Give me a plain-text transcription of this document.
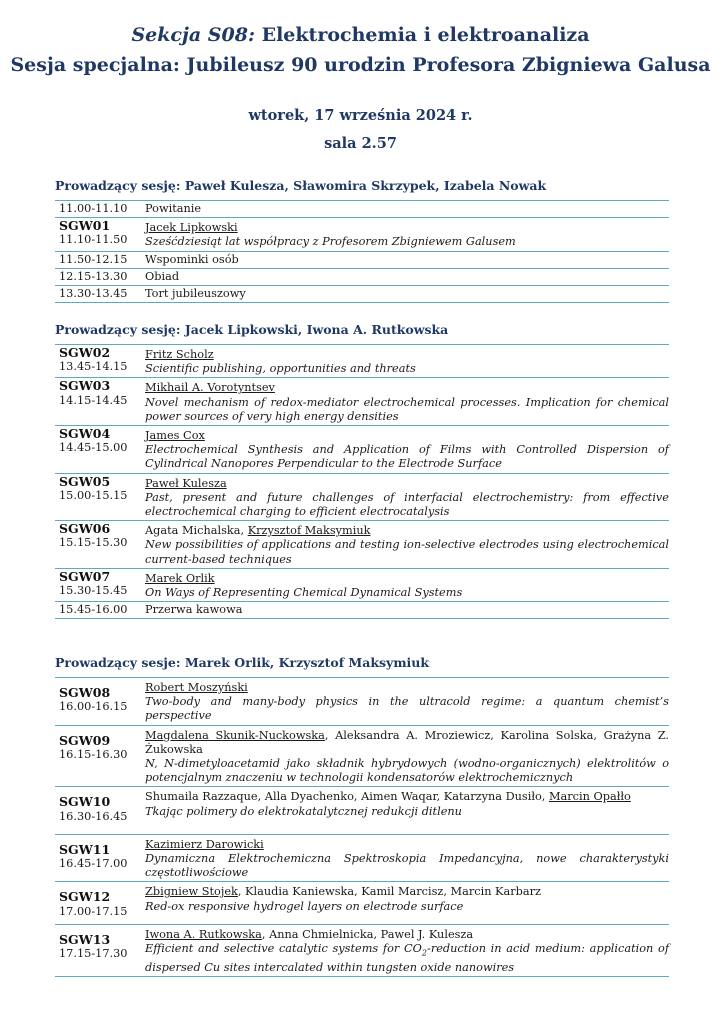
Sekcja S08: Elektrochemia i elektroanaliza
Sesja specjalna: Jubileusz 90 urodzin Profesora Zbigniewa Galusa
wtorek, 17 września 2024 r.
sala 2.57
Prowadzący sesję: Paweł Kulesza, Sławomira Skrzypek, Izabela Nowak
11.00-11.10	Powitanie

SGW01
11.10-11.50	Jacek Lipkowski
Sześćdziesiąt lat współpracy z Profesorem Zbigniewem Galusem

11.50-12.15	Wspominki osób
12.15-13.30	Obiad
13.30-13.45	Tort jubileuszowy
Prowadzący sesję: Jacek Lipkowski, Iwona A. Rutkowska
SGW02
13.45-14.15	Fritz Scholz
Scientific publishing, opportunities and threats

SGW03
14.15-14.45	Mikhail A. Vorotyntsev
Novel mechanism of redox-mediator electrochemical processes. Implication for chemical power sources of very high energy densities

SGW04
14.45-15.00	James Cox
Electrochemical Synthesis and Application of Films with Controlled Dispersion of Cylindrical Nanopores Perpendicular to the Electrode Surface

SGW05
15.00-15.15	Paweł Kulesza
Past, present and future challenges of interfacial electrochemistry: from effective electrochemical charging to efficient electrocatalysis

SGW06
15.15-15.30	Agata Michalska, Krzysztof Maksymiuk
New possibilities of applications and testing ion-selective electrodes using electrochemical current-based techniques

SGW07
15.30-15.45	Marek Orlik
On Ways of Representing Chemical Dynamical Systems

15.45-16.00	Przerwa kawowa
Prowadzący sesje: Marek Orlik, Krzysztof Maksymiuk
SGW08
16.00-16.15	Robert Moszyński
Two-body and many-body physics in the ultracold regime: a quantum chemist’s perspective

SGW09
16.15-16.30	Magdalena Skunik-Nuckowska, Aleksandra A. Mroziewicz, Karolina Solska, Grażyna Z. Żukowska
N, N-dimetyloacetamid jako składnik hybrydowych (wodno-organicznych) elektrolitów o potencjalnym znaczeniu w technologii kondensatorów elektrochemicznych

SGW10
16.30-16.45	Shumaila Razzaque, Alla Dyachenko, Aimen Waqar, Katarzyna Dusiło, Marcin Opałło
Tkając polimery do elektrokatalytcznej redukcji ditlenu

SGW11
16.45-17.00	Kazimierz Darowicki
Dynamiczna Elektrochemiczna Spektroskopia Impedancyjna, nowe charakterystyki częstotliwościowe

SGW12
17.00-17.15	Zbigniew Stojek, Klaudia Kaniewska, Kamil Marcisz, Marcin Karbarz
Red-ox responsive hydrogel layers on electrode surface

SGW13
17.15-17.30	Iwona A. Rutkowska, Anna Chmielnicka, Pawel J. Kulesza
Efficient and selective catalytic systems for $CO_2$-reduction in acid medium: application of dispersed Cu sites intercalated within tungsten oxide nanowires
